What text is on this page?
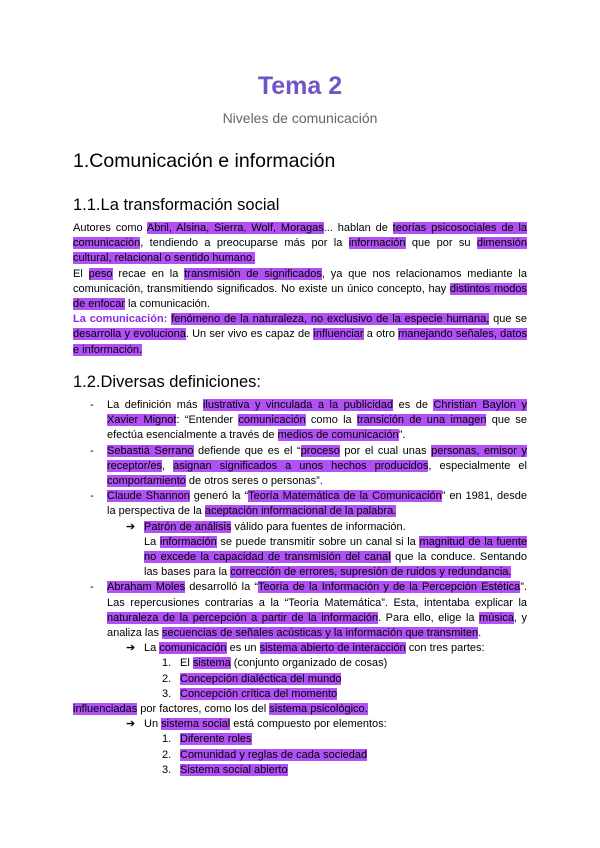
Tema 2
Niveles de comunicación
1.Comunicación e información
1.1.La transformación social

Autores como Abril, Alsina, Sierra, Wolf, Moragas... hablan de teorías psicosociales de la comunicación, tendiendo a preocuparse más por la información que por su dimensión cultural, relacional o sentido humano.

El peso recae en la transmisión de significados, ya que nos relacionamos mediante la comunicación, transmitiendo significados. No existe un único concepto, hay distintos modos de enfocar la comunicación.

La comunicación: fenómeno de la naturaleza, no exclusivo de la especie humana, que se desarrolla y evoluciona. Un ser vivo es capaz de influenciar a otro manejando señales, datos e información.

1.2.Diversas definiciones:
- La definición más ilustrativa y vinculada a la publicidad es de Christian Baylon y Xavier Mignot: “Entender comunicación como la transición de una imagen que se efectúa esencialmente a través de medios de comunicación”.
- Sebastià Serrano defiende que es el “proceso por el cual unas personas, emisor y receptor/es, asignan significados a unos hechos producidos, especialmente el comportamiento de otros seres o personas”.
- Claude Shannon generó la “Teoría Matemática de la Comunicación” en 1981, desde la perspectiva de la aceptación informacional de la palabra.
➔ Patrón de análisis válido para fuentes de información.
La información se puede transmitir sobre un canal si la magnitud de la fuente no excede la capacidad de transmisión del canal que la conduce. Sentando las bases para la corrección de errores, supresión de ruidos y redundancia.
- Abraham Moles desarrolló la “Teoría de la Información y de la Percepción Estética”. Las repercusiones contrarias a la “Teoría Matemática”. Esta, intentaba explicar la naturaleza de la percepción a partir de la información. Para ello, elige la música, y analiza las secuencias de señales acústicas y la información que transmiten.
➔ La comunicación es un sistema abierto de interacción con tres partes:
1. El sistema (conjunto organizado de cosas)
2. Concepción dialéctica del mundo
3. Concepción crítica del momento
influenciadas por factores, como los del sistema psicológico.
➔ Un sistema social está compuesto por elementos:
1. Diferente roles
2. Comunidad y reglas de cada sociedad
3. Sistema social abierto
